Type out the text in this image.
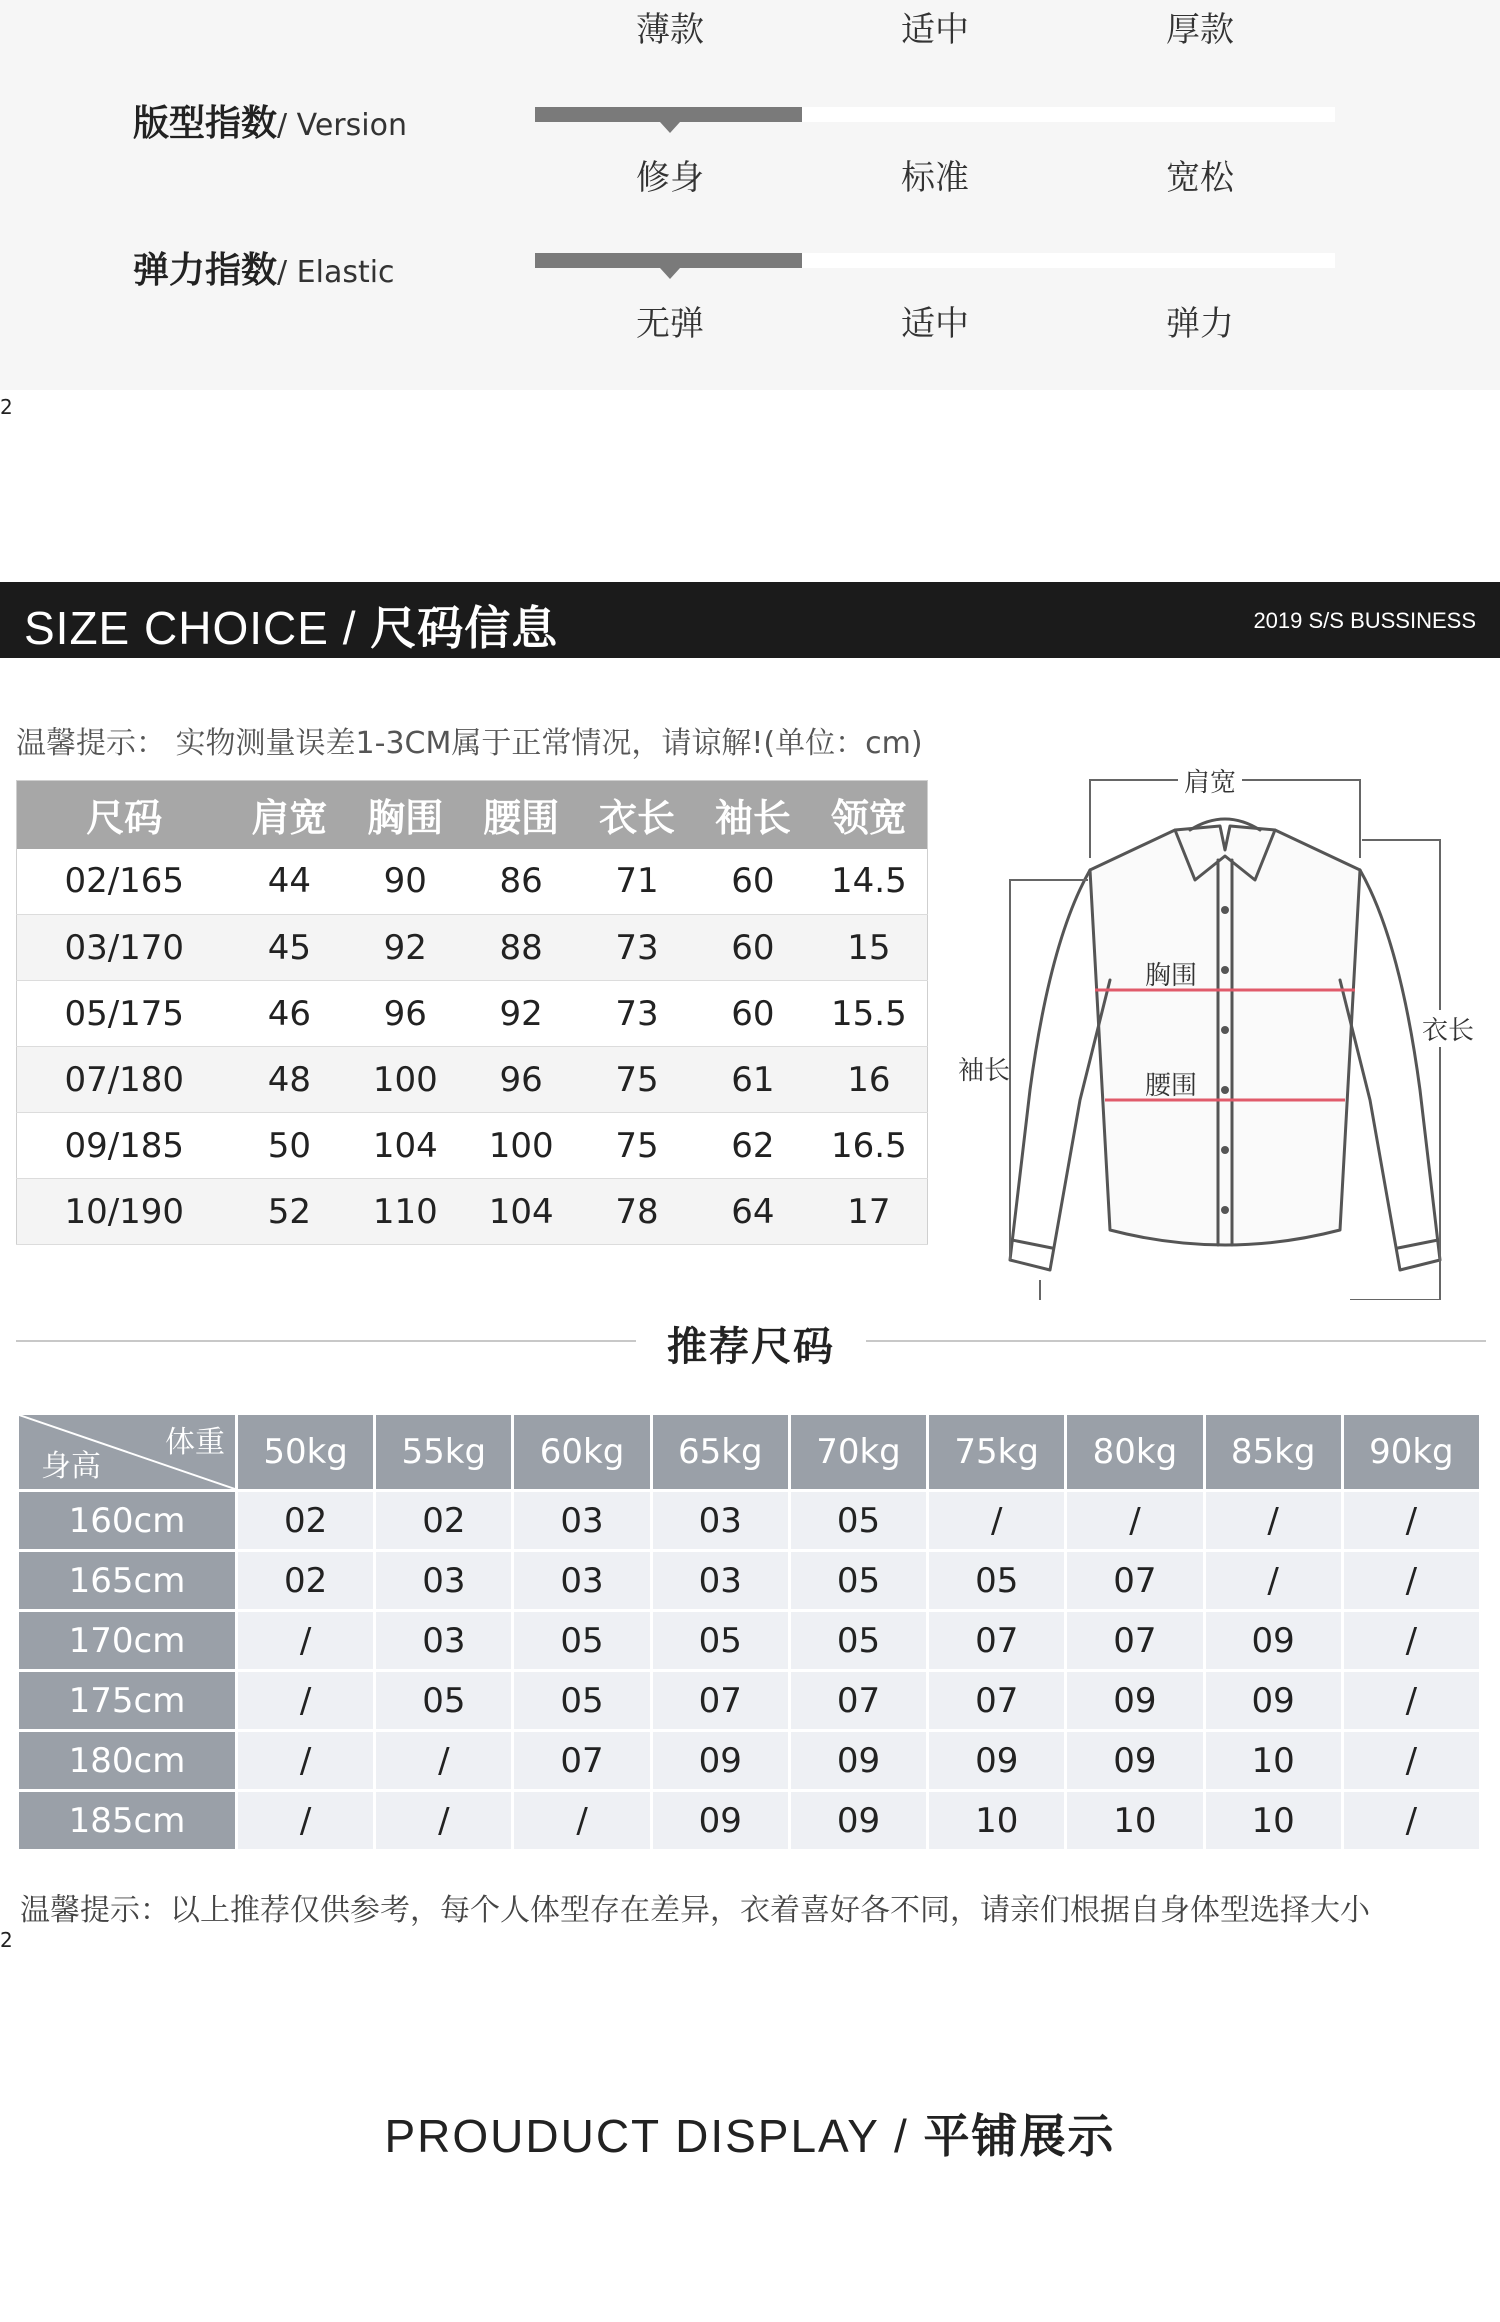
薄款	适中	厚款
版型指数/ Version
修身	标准	宽松
弹力指数/ Elastic
无弹	适中	弹力
2
SIZE CHOICE / 尺码信息	2019 S/S BUSSINESS
温馨提示： 实物测量误差1-3CM属于正常情况，请谅解!(单位：cm)
尺码	肩宽	胸围	腰围	衣长	袖长	领宽
02/165	44	90	86	71	60	14.5
03/170	45	92	88	73	60	15
05/175	46	96	92	73	60	15.5
07/180	48	100	96	75	61	16
09/185	50	104	100	75	62	16.5
10/190	52	110	104	78	64	17
肩宽
胸围
腰围
袖长
衣长
推荐尺码
体重
身高	50kg	55kg	60kg	65kg	70kg	75kg	80kg	85kg	90kg
160cm	02	02	03	03	05	/	/	/	/
165cm	02	03	03	03	05	05	07	/	/
170cm	/	03	05	05	05	07	07	09	/
175cm	/	05	05	07	07	07	09	09	/
180cm	/	/	07	09	09	09	09	10	/
185cm	/	/	/	09	09	10	10	10	/
温馨提示：以上推荐仅供参考，每个人体型存在差异，衣着喜好各不同，请亲们根据自身体型选择大小
2
PROUDUCT DISPLAY / 平铺展示
